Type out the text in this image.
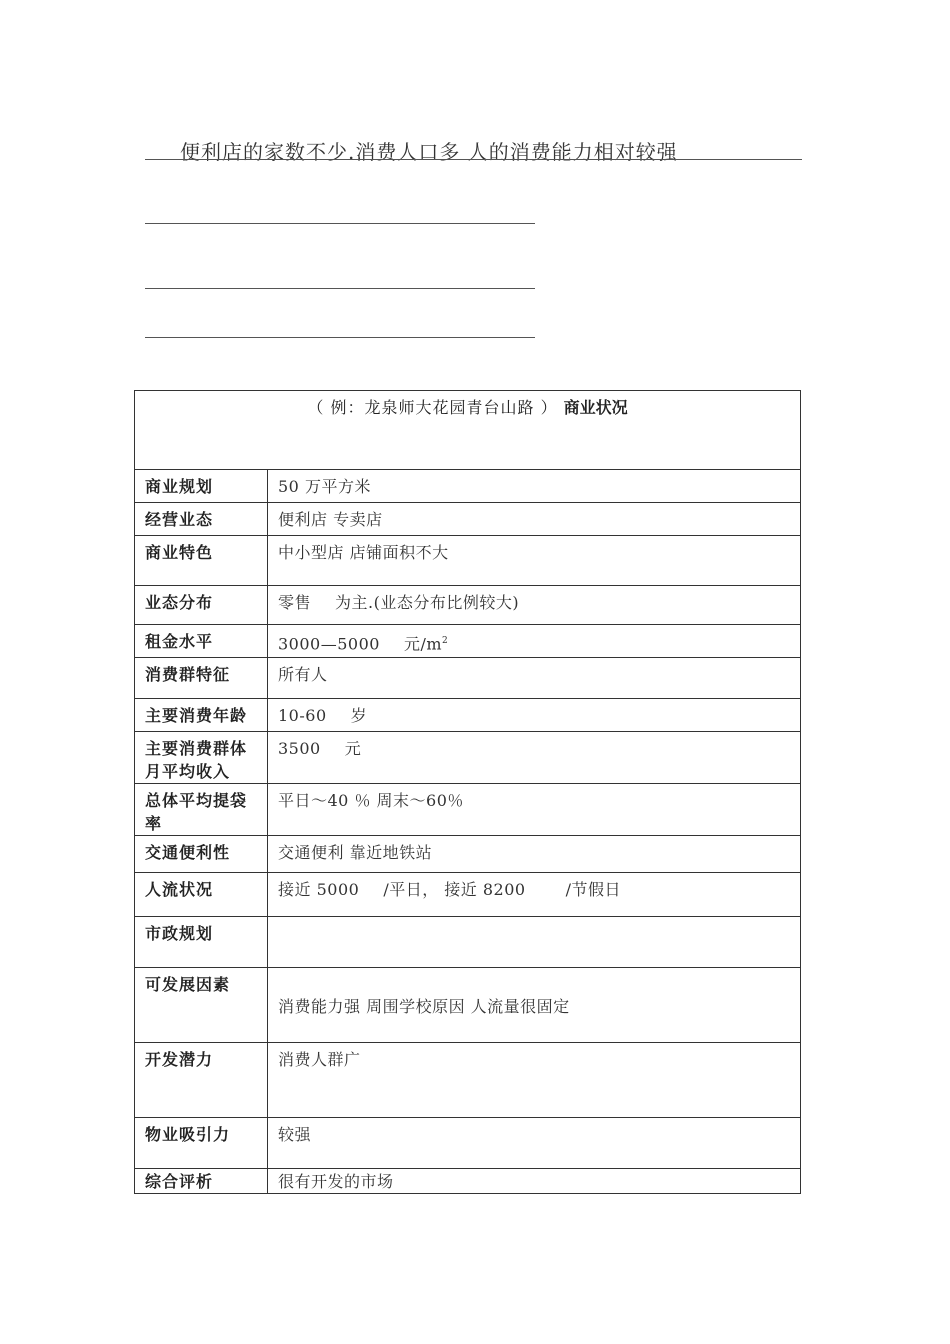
便利店的家数不少.消费人口多 人的消费能力相对较强
（ 例：龙泉师大花园青台山路 ） 商业状况	
商业规划	50 万平方米
经营业态	便利店 专卖店
商业特色	中小型店 店铺面积不大
业态分布	零售 为主.(业态分布比例较大)
租金水平	3000—5000 元$/m^2$
消费群特征	所有人
主要消费年龄	10-60 岁
主要消费群体月平均收入	3500 元
总体平均提袋率	平日～40 ％ 周末～60％
交通便利性	交通便利 靠近地铁站
人流状况	接近 5000 /平日， 接近 8200 /节假日
市政规划	
可发展因素	消费能力强 周围学校原因 人流量很固定
开发潜力	消费人群广
物业吸引力	较强
综合评析	很有开发的市场
